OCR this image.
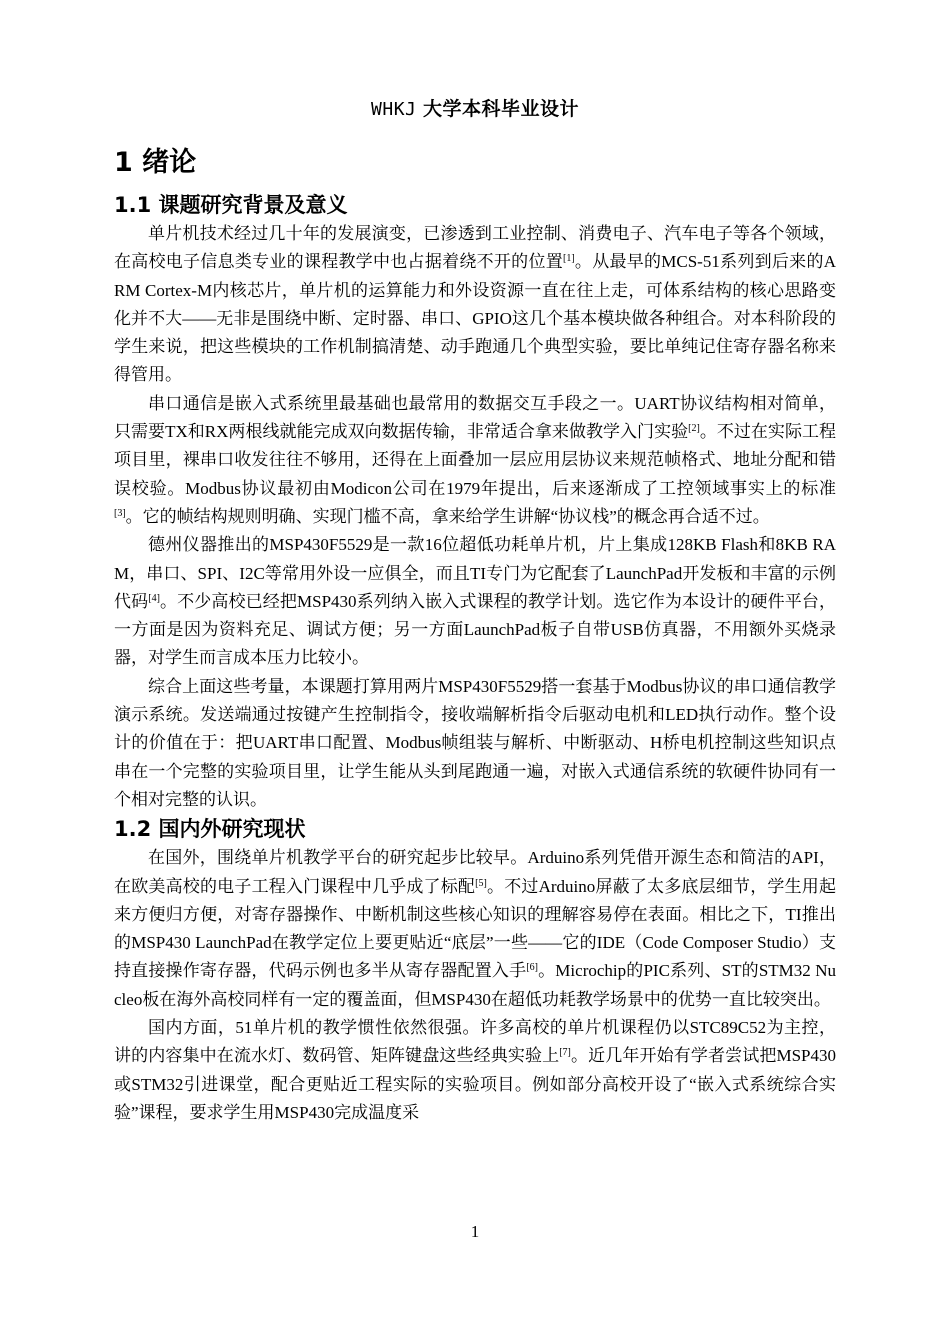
WHKJ 大学本科毕业设计
1 绪论
1.1 课题研究背景及意义

单片机技术经过几十年的发展演变，已渗透到工业控制、消费电子、汽车电子等各个领域，在高校电子信息类专业的课程教学中也占据着绕不开的位置[1]。从最早的MCS-51系列到后来的ARM Cortex-M内核芯片，单片机的运算能力和外设资源一直在往上走，可体系结构的核心思路变化并不大——无非是围绕中断、定时器、串口、GPIO这几个基本模块做各种组合。对本科阶段的学生来说，把这些模块的工作机制搞清楚、动手跑通几个典型实验，要比单纯记住寄存器名称来得管用。

串口通信是嵌入式系统里最基础也最常用的数据交互手段之一。UART协议结构相对简单，只需要TX和RX两根线就能完成双向数据传输，非常适合拿来做教学入门实验[2]。不过在实际工程项目里，裸串口收发往往不够用，还得在上面叠加一层应用层协议来规范帧格式、地址分配和错误校验。Modbus协议最初由Modicon公司在1979年提出，后来逐渐成了工控领域事实上的标准[3]。它的帧结构规则明确、实现门槛不高，拿来给学生讲解“协议栈”的概念再合适不过。

德州仪器推出的MSP430F5529是一款16位超低功耗单片机，片上集成128KB Flash和8KB RAM，串口、SPI、I2C等常用外设一应俱全，而且TI专门为它配套了LaunchPad开发板和丰富的示例代码[4]。不少高校已经把MSP430系列纳入嵌入式课程的教学计划。选它作为本设计的硬件平台，一方面是因为资料充足、调试方便；另一方面LaunchPad板子自带USB仿真器，不用额外买烧录器，对学生而言成本压力比较小。

综合上面这些考量，本课题打算用两片MSP430F5529搭一套基于Modbus协议的串口通信教学演示系统。发送端通过按键产生控制指令，接收端解析指令后驱动电机和LED执行动作。整个设计的价值在于：把UART串口配置、Modbus帧组装与解析、中断驱动、H桥电机控制这些知识点串在一个完整的实验项目里，让学生能从头到尾跑通一遍，对嵌入式通信系统的软硬件协同有一个相对完整的认识。

1.2 国内外研究现状

在国外，围绕单片机教学平台的研究起步比较早。Arduino系列凭借开源生态和简洁的API，在欧美高校的电子工程入门课程中几乎成了标配[5]。不过Arduino屏蔽了太多底层细节，学生用起来方便归方便，对寄存器操作、中断机制这些核心知识的理解容易停在表面。相比之下，TI推出的MSP430 LaunchPad在教学定位上要更贴近“底层”一些——它的IDE（Code Composer Studio）支持直接操作寄存器，代码示例也多半从寄存器配置入手[6]。Microchip的PIC系列、ST的STM32 Nucleo板在海外高校同样有一定的覆盖面，但MSP430在超低功耗教学场景中的优势一直比较突出。

国内方面，51单片机的教学惯性依然很强。许多高校的单片机课程仍以STC89C52为主控，讲的内容集中在流水灯、数码管、矩阵键盘这些经典实验上[7]。近几年开始有学者尝试把MSP430或STM32引进课堂，配合更贴近工程实际的实验项目。例如部分高校开设了“嵌入式系统综合实验”课程，要求学生用MSP430完成温度采

1
